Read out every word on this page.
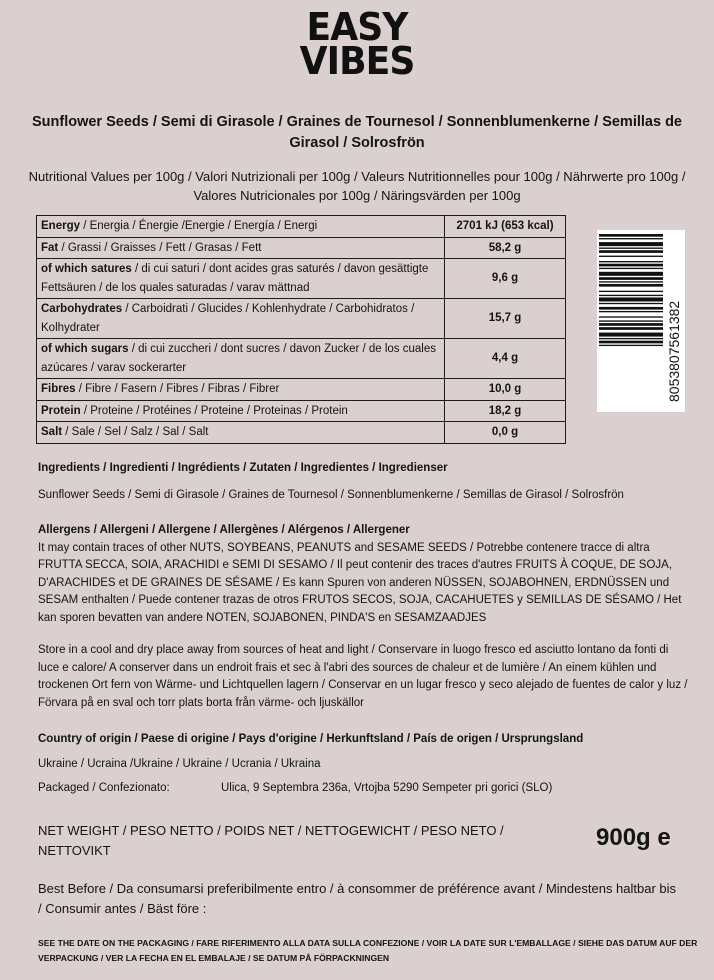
EASY
VIBES
Sunflower Seeds / Semi di Girasole / Graines de Tournesol / Sonnenblumenkerne / Semillas de Girasol / Solrosfrön
Nutritional Values per 100g / Valori Nutrizionali per 100g / Valeurs Nutritionnelles pour 100g / Nährwerte pro 100g / Valores Nutricionales por 100g / Näringsvärden per 100g
Energy / Energia / Énergie /Energie / Energía / Energi	2701 kJ (653 kcal)
Fat / Grassi / Graisses / Fett / Grasas / Fett	58,2 g
of which satures / di cui saturi / dont acides gras saturés / davon gesättigte Fettsäuren / de los quales saturadas / varav mättnad	9,6 g
Carbohydrates / Carboidrati / Glucides / Kohlenhydrate / Carbohidratos / Kolhydrater	15,7 g
of which sugars / di cui zuccheri / dont sucres / davon Zucker / de los cuales azúcares / varav sockerarter	4,4 g
Fibres / Fibre / Fasern / Fibres / Fibras / Fibrer	10,0 g
Protein / Proteine / Protéines / Proteine / Proteinas / Protein	18,2 g
Salt / Sale / Sel / Salz / Sal / Salt	0,0 g
8053807561382
Ingredients / Ingredienti / Ingrédients / Zutaten / Ingredientes / Ingredienser
Sunflower Seeds / Semi di Girasole / Graines de Tournesol / Sonnenblumenkerne / Semillas de Girasol / Solrosfrön
Allergens / Allergeni / Allergene / Allergènes / Alérgenos / Allergener
It may contain traces of other NUTS, SOYBEANS, PEANUTS and SESAME SEEDS / Potrebbe contenere tracce di altra FRUTTA SECCA, SOIA, ARACHIDI e SEMI DI SESAMO / Il peut contenir des traces d'autres FRUITS À COQUE, DE SOJA, D'ARACHIDES et DE GRAINES DE SÉSAME / Es kann Spuren von anderen NÜSSEN, SOJABOHNEN, ERDNÜSSEN und SESAM enthalten / Puede contener trazas de otros FRUTOS SECOS, SOJA, CACAHUETES y SEMILLAS DE SÉSAMO / Het kan sporen bevatten van andere NOTEN, SOJABONEN, PINDA'S en SESAMZAADJES
Store in a cool and dry place away from sources of heat and light / Conservare in luogo fresco ed asciutto lontano da fonti di luce e calore/ A conserver dans un endroit frais et sec à l'abri des sources de chaleur et de lumière / An einem kühlen und trockenen Ort fern von Wärme- und Lichtquellen lagern / Conservar en un lugar fresco y seco alejado de fuentes de calor y luz / Förvara på en sval och torr plats borta från värme- och ljuskällor
Country of origin / Paese di origine / Pays d'origine / Herkunftsland / País de origen / Ursprungsland
Ukraine / Ucraina /Ukraine / Ukraine / Ucrania / Ukraina
Packaged / Confezionato:	Ulica, 9 Septembra 236a, Vrtojba 5290 Sempeter pri gorici (SLO)
NET WEIGHT / PESO NETTO / POIDS NET / NETTOGEWICHT / PESO NETO / NETTOVIKT	900g e
Best Before / Da consumarsi preferibilmente entro / à consommer de préférence avant / Mindestens haltbar bis / Consumir antes / Bäst före :
SEE THE DATE ON THE PACKAGING / FARE RIFERIMENTO ALLA DATA SULLA CONFEZIONE / VOIR LA DATE SUR L'EMBALLAGE / SIEHE DAS DATUM AUF DER VERPACKUNG / VER LA FECHA EN EL EMBALAJE / SE DATUM PÅ FÖRPACKNINGEN
